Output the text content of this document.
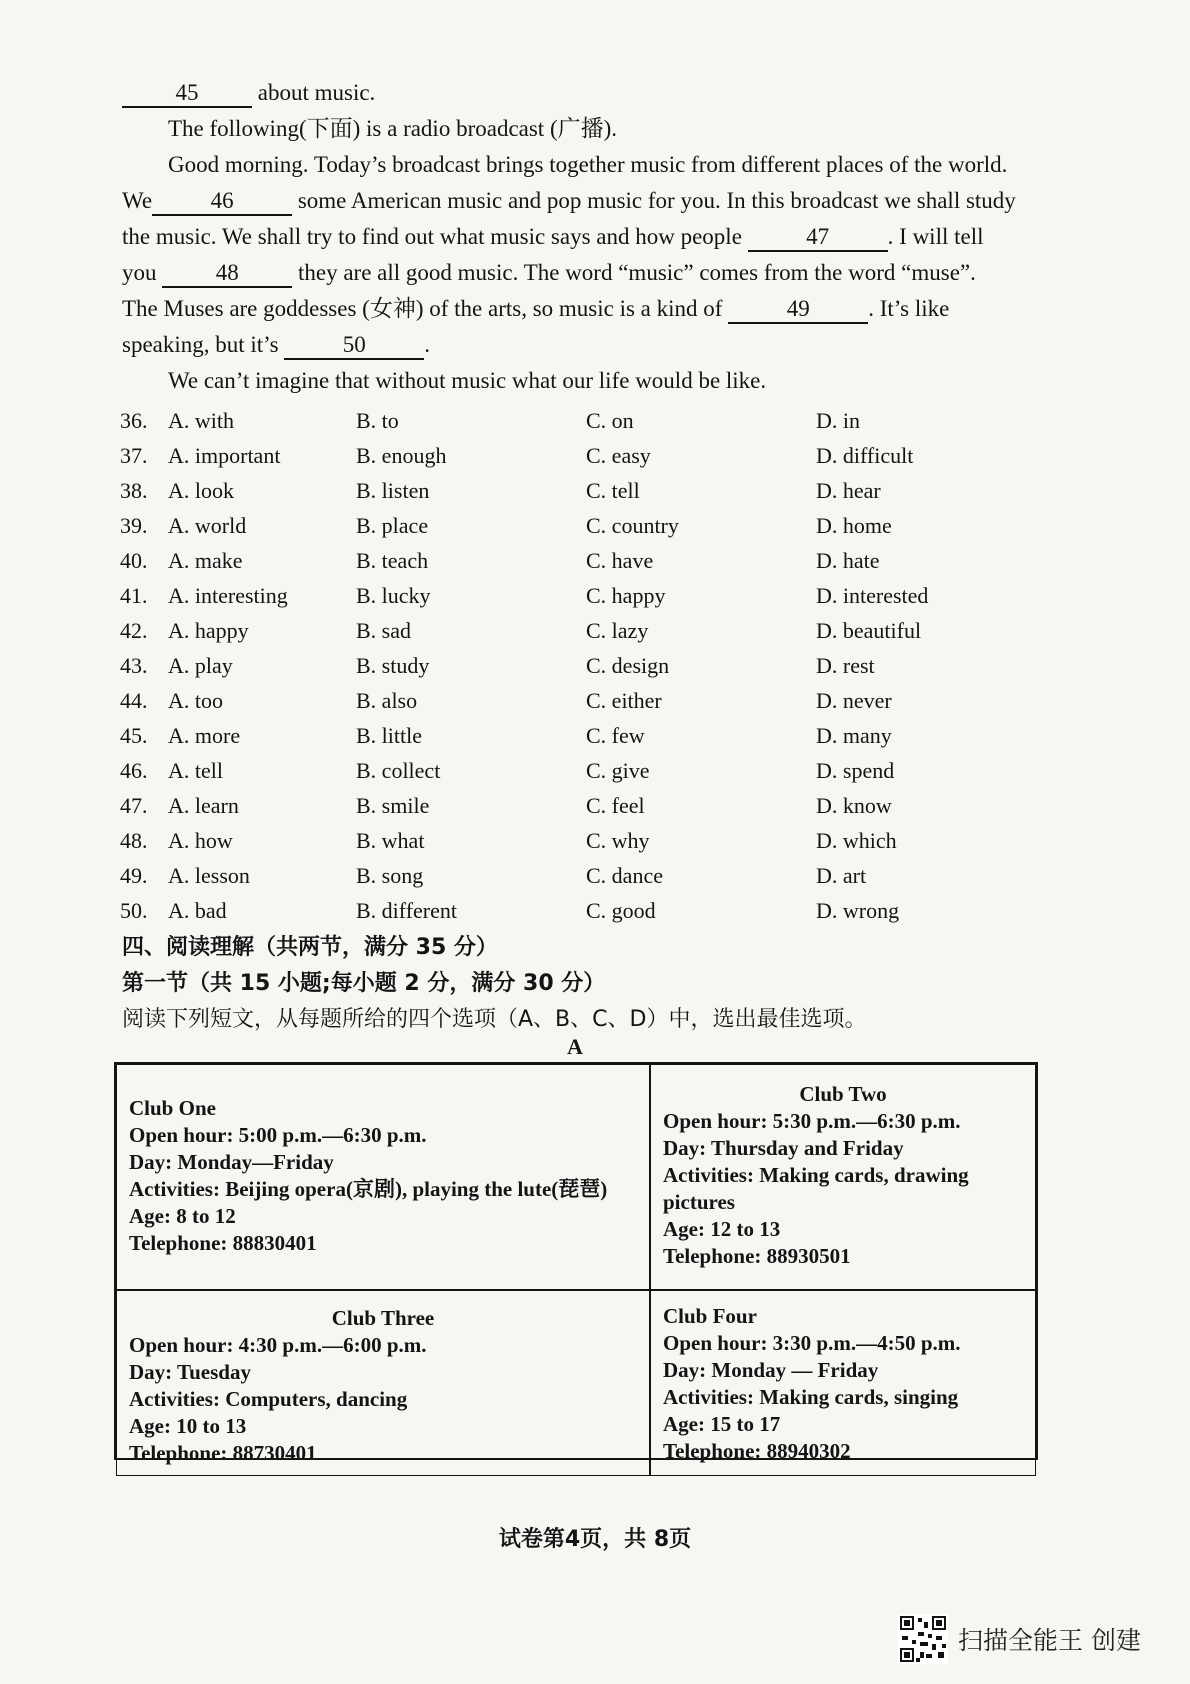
45	about music.
The following(下面) is a radio broadcast (广播).
Good morning. Today’s broadcast brings together music from different places of the world.
We	46	some American music and pop music for you. In this broadcast we shall study
the music. We shall try to find out what music says and how people	47	. I will tell
you	48	they are all good music. The word “music” comes from the word “muse”.
The Muses are goddesses (女神) of the arts, so music is a kind of	49	. It’s like
speaking, but it’s	50	.
We can’t imagine that without music what our life would be like.
36. A. with	B. to	C. on	D. in
37. A. important	B. enough	C. easy	D. difficult
38. A. look	B. listen	C. tell	D. hear
39. A. world	B. place	C. country	D. home
40. A. make	B. teach	C. have	D. hate
41. A. interesting	B. lucky	C. happy	D. interested
42. A. happy	B. sad	C. lazy	D. beautiful
43. A. play	B. study	C. design	D. rest
44. A. too	B. also	C. either	D. never
45. A. more	B. little	C. few	D. many
46. A. tell	B. collect	C. give	D. spend
47. A. learn	B. smile	C. feel	D. know
48. A. how	B. what	C. why	D. which
49. A. lesson	B. song	C. dance	D. art
50. A. bad	B. different	C. good	D. wrong
四、阅读理解（共两节，满分 35 分）
第一节（共 15 小题;每小题 2 分，满分 30 分）
阅读下列短文，从每题所给的四个选项（A、B、C、D）中，选出最佳选项。
A
Club One
Open hour: 5:00 p.m.—6:30 p.m.
Day: Monday—Friday
Activities: Beijing opera(京剧), playing the lute(琵琶)
Age: 8 to 12
Telephone: 88830401
Club Two
Open hour: 5:30 p.m.—6:30 p.m.
Day: Thursday and Friday
Activities: Making cards, drawing pictures
Age: 12 to 13
Telephone: 88930501
Club Three
Open hour: 4:30 p.m.—6:00 p.m.
Day: Tuesday
Activities: Computers, dancing
Age: 10 to 13
Telephone: 88730401
Club Four
Open hour: 3:30 p.m.—4:50 p.m.
Day: Monday — Friday
Activities: Making cards, singing
Age: 15 to 17
Telephone: 88940302
试卷第4页，共 8页
扫描全能王 创建
